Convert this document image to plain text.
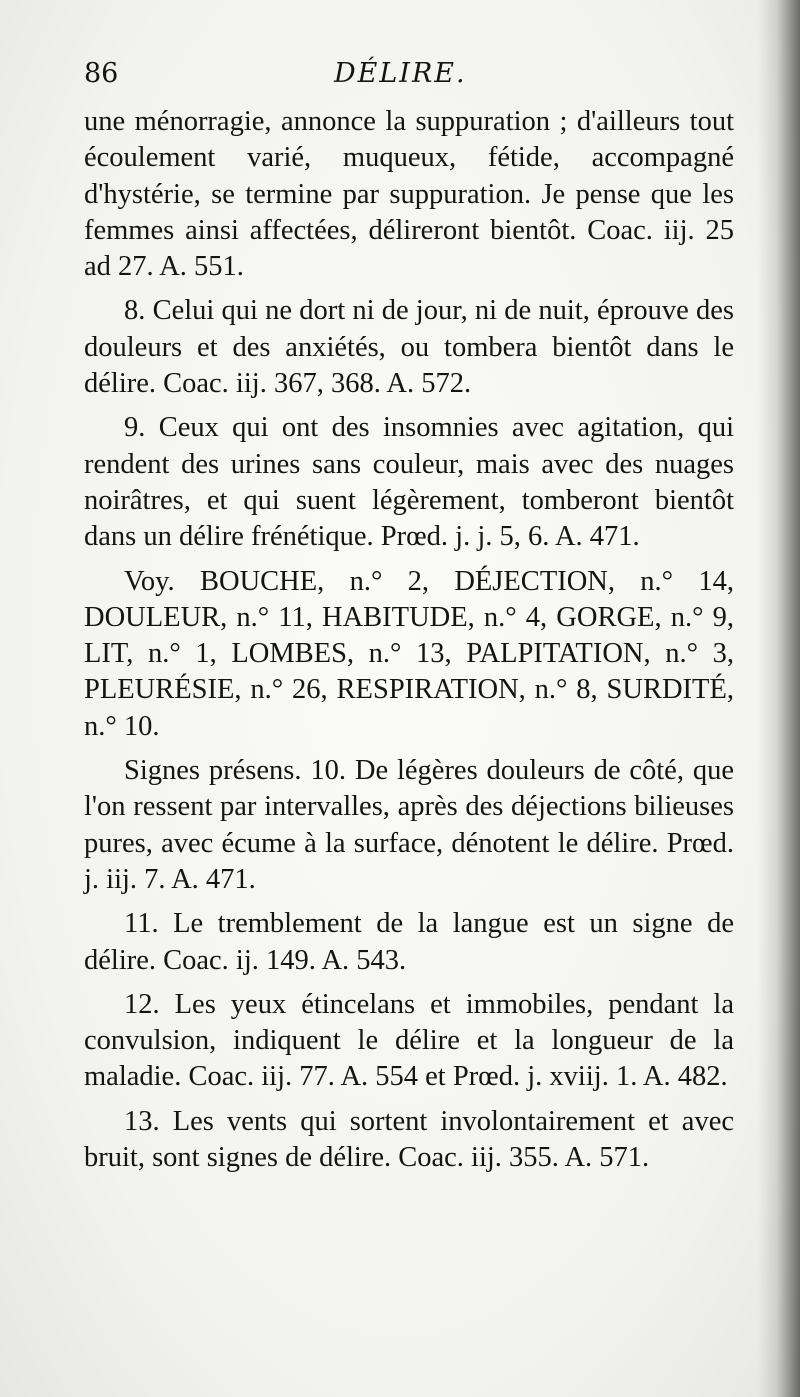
86	DÉLIRE.

une ménorragie, annonce la suppuration ; d'ailleurs tout écoulement varié, muqueux, fétide, accompagné d'hystérie, se termine par suppuration. Je pense que les femmes ainsi affectées, délireront bientôt. Coac. iij. 25 ad 27. A. 551.

8. Celui qui ne dort ni de jour, ni de nuit, éprouve des douleurs et des anxiétés, ou tombera bientôt dans le délire. Coac. iij. 367, 368. A. 572.

9. Ceux qui ont des insomnies avec agitation, qui rendent des urines sans couleur, mais avec des nuages noirâtres, et qui suent légèrement, tomberont bientôt dans un délire frénétique. Prœd. j. j. 5, 6. A. 471.

Voy. BOUCHE, n.° 2, DÉJECTION, n.° 14, DOULEUR, n.° 11, HABITUDE, n.° 4, GORGE, n.° 9, LIT, n.° 1, LOMBES, n.° 13, PALPITATION, n.° 3, PLEURÉSIE, n.° 26, RESPIRATION, n.° 8, SURDITÉ, n.° 10.

Signes présens. 10. De légères douleurs de côté, que l'on ressent par intervalles, après des déjections bilieuses pures, avec écume à la surface, dénotent le délire. Prœd. j. iij. 7. A. 471.

11. Le tremblement de la langue est un signe de délire. Coac. ij. 149. A. 543.

12. Les yeux étincelans et immobiles, pendant la convulsion, indiquent le délire et la longueur de la maladie. Coac. iij. 77. A. 554 et Prœd. j. xviij. 1. A. 482.

13. Les vents qui sortent involontairement et avec bruit, sont signes de délire. Coac. iij. 355. A. 571.
